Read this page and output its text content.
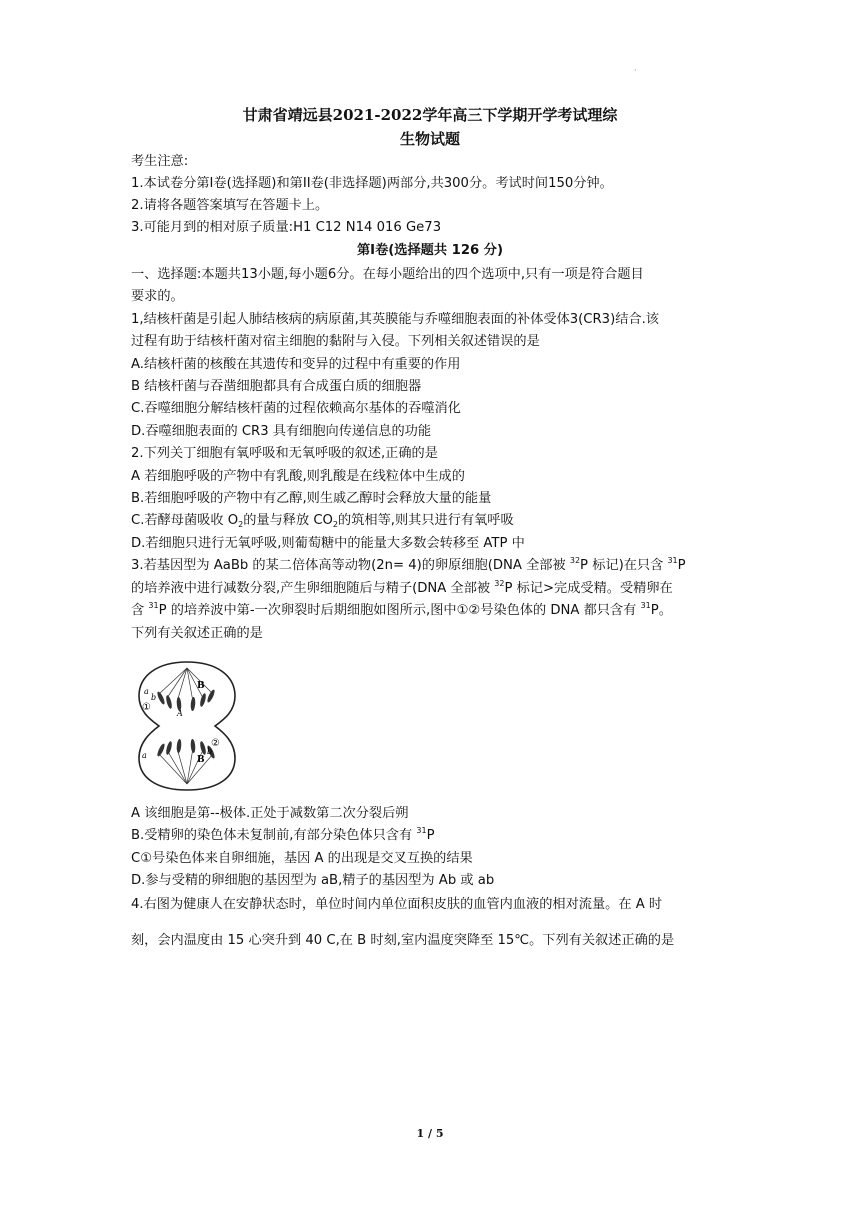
·
甘肃省靖远县2021-2022学年高三下学期开学考试理综
生物试题
考生注意:
1.本试卷分第I卷(选择题)和第II卷(非选择题)两部分,共300分。考试时间150分钟。
2.请将各题答案填写在答题卡上。
3.可能月到的相对原子质量:H1 C12 N14 016 Ge73
第I卷(选择题共 126 分)
一、选择题:本题共13小题,每小题6分。在每小题给出的四个选项中,只有一项是符合题目
要求的。
1,结核杆菌是引起人肺结核病的病原菌,其英膜能与乔噬细胞表面的补体受体3(CR3)结合.该
过程有助于结核杆菌对宿主细胞的黏附与入侵。下列相关叙述错误的是
A.结核杆菌的核酸在其遗传和变异的过程中有重要的作用
B 结核杆菌与吞凿细胞都具有合成蛋白质的细胞器
C.吞噬细胞分解结核杆菌的过程依赖高尔基体的吞噬消化
D.吞噬细胞表面的 CR3 具有细胞向传递信息的功能
2.下列关丁细胞有氧呼吸和无氧呼吸的叙述,正确的是
A 若细胞呼吸的产物中有乳酸,则乳酸是在线粒体中生成的
B.若细胞呼吸的产物中有乙醇,则生戚乙醇时会释放大量的能量
C.若酵母菌吸收 $O_2$的量与释放 $CO_2$的筑相等,则其只进行有氧呼吸
D.若细胞只进行无氧呼吸,则葡萄糖中的能量大多数会转移至 ATP 中
3.若基因型为 AaBb 的某二倍体高等动物(2n= 4)的卵原细胞(DNA 全部被 $^{32}$P 标记)在只含 $^{31}$P
的培养液中进行减数分裂,产生卵细胞随后与精子(DNA 全部被 $^{32}$P 标记>完成受精。受精卵在
含 $^{31}$P 的培养波中第-一次卵裂时后期细胞如图所示,图中①②号染色体的 DNA 都只含有 $^{31}$P。
下列有关叙述正确的是
a
b
①
B
A
a
②
b
B
A 该细胞是第--极体.正处于减数第二次分裂后朔
B.受精卵的染色体未复制前,有部分染色体只含有 $^{31}$P
C①号染色体来自卵细施，基因 A 的出现是交叉互换的结果
D.参与受精的卵细胞的基因型为 aB,精子的基因型为 Ab 或 ab
4.右图为健康人在安静状态时，单位时间内单位面积皮肤的血管内血液的相对流量。在 A 时
刻，会内温度由 15 心突升到 40 C,在 B 时刻,室内温度突降至 15℃。下列有关叙述正确的是
1 / 5
